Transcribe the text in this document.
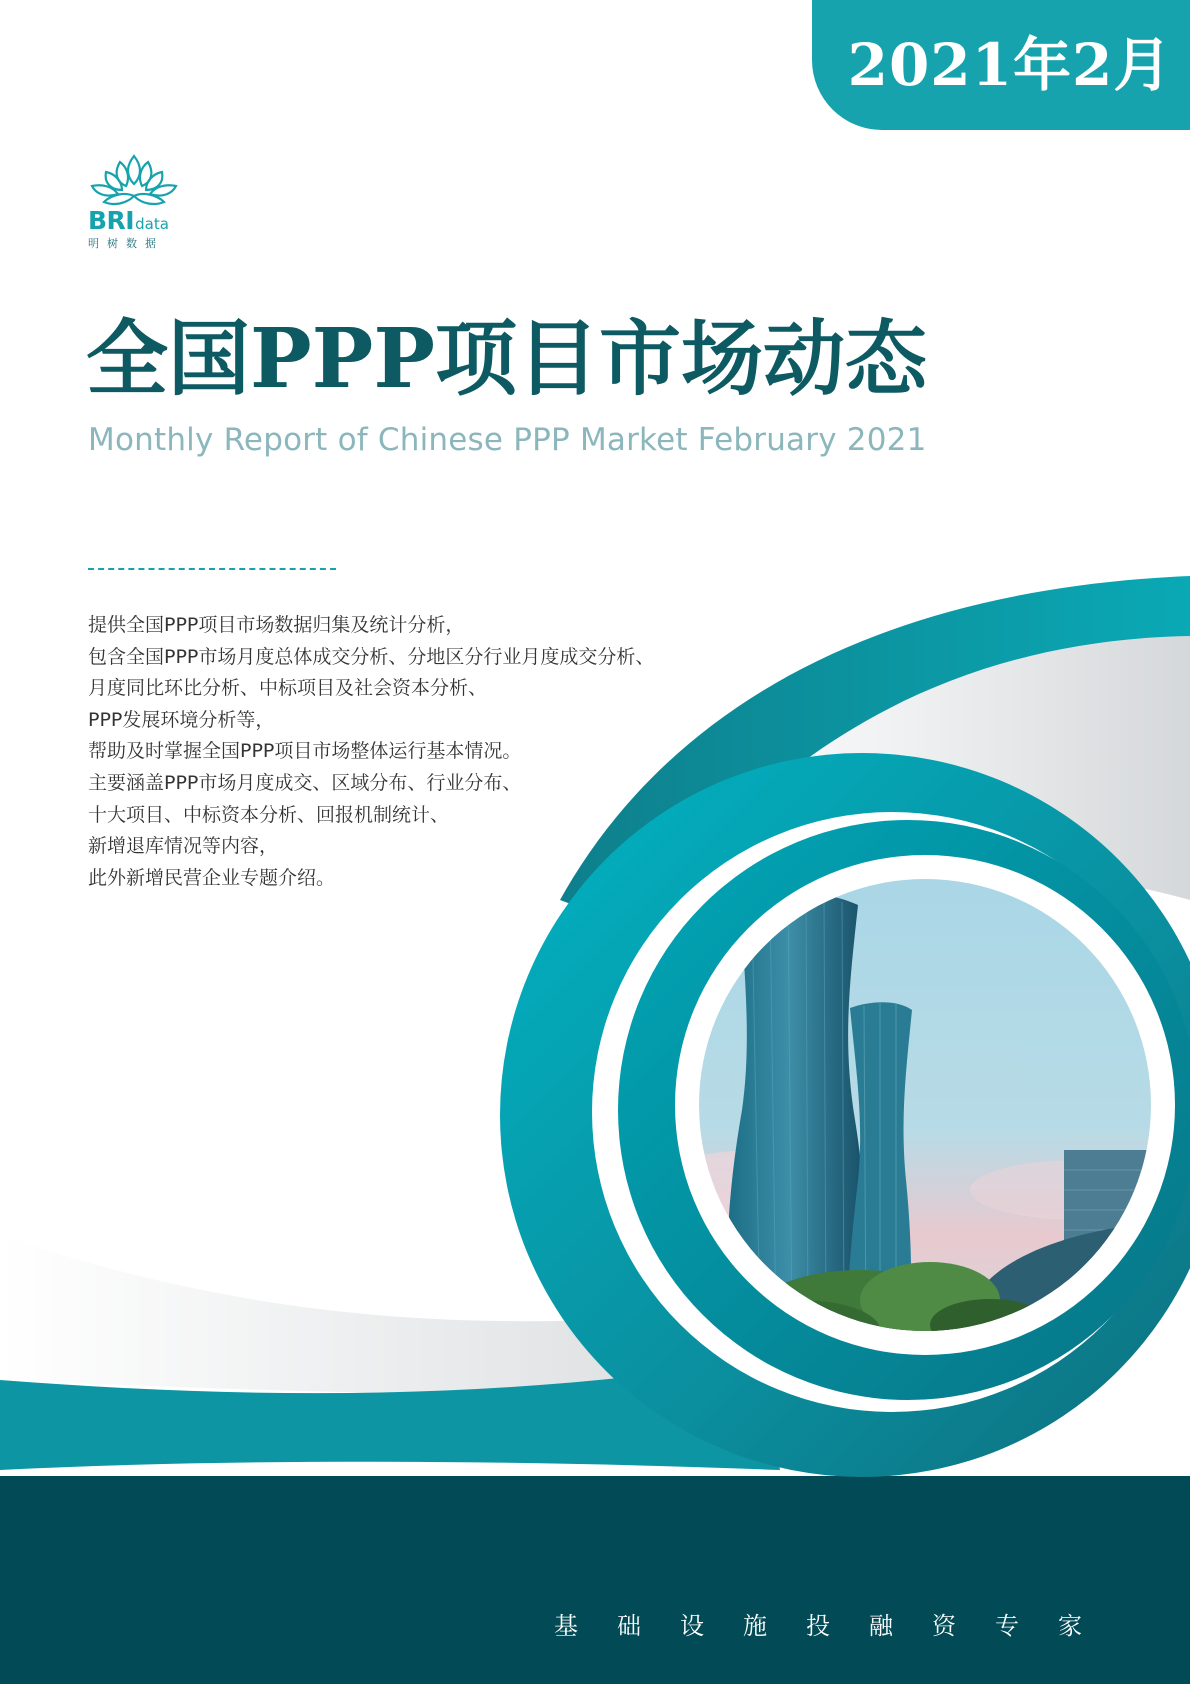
2021年2月
BRIdata
明树数据
全国PPP项目市场动态
Monthly Report of Chinese PPP Market February 2021
提供全国PPP项目市场数据归集及统计分析，
包含全国PPP市场月度总体成交分析、分地区分行业月度成交分析、
月度同比环比分析、中标项目及社会资本分析、
PPP发展环境分析等，
帮助及时掌握全国PPP项目市场整体运行基本情况。
主要涵盖PPP市场月度成交、区域分布、行业分布、
十大项目、中标资本分析、回报机制统计、
新增退库情况等内容，
此外新增民营企业专题介绍。
基础设施投融资专家
